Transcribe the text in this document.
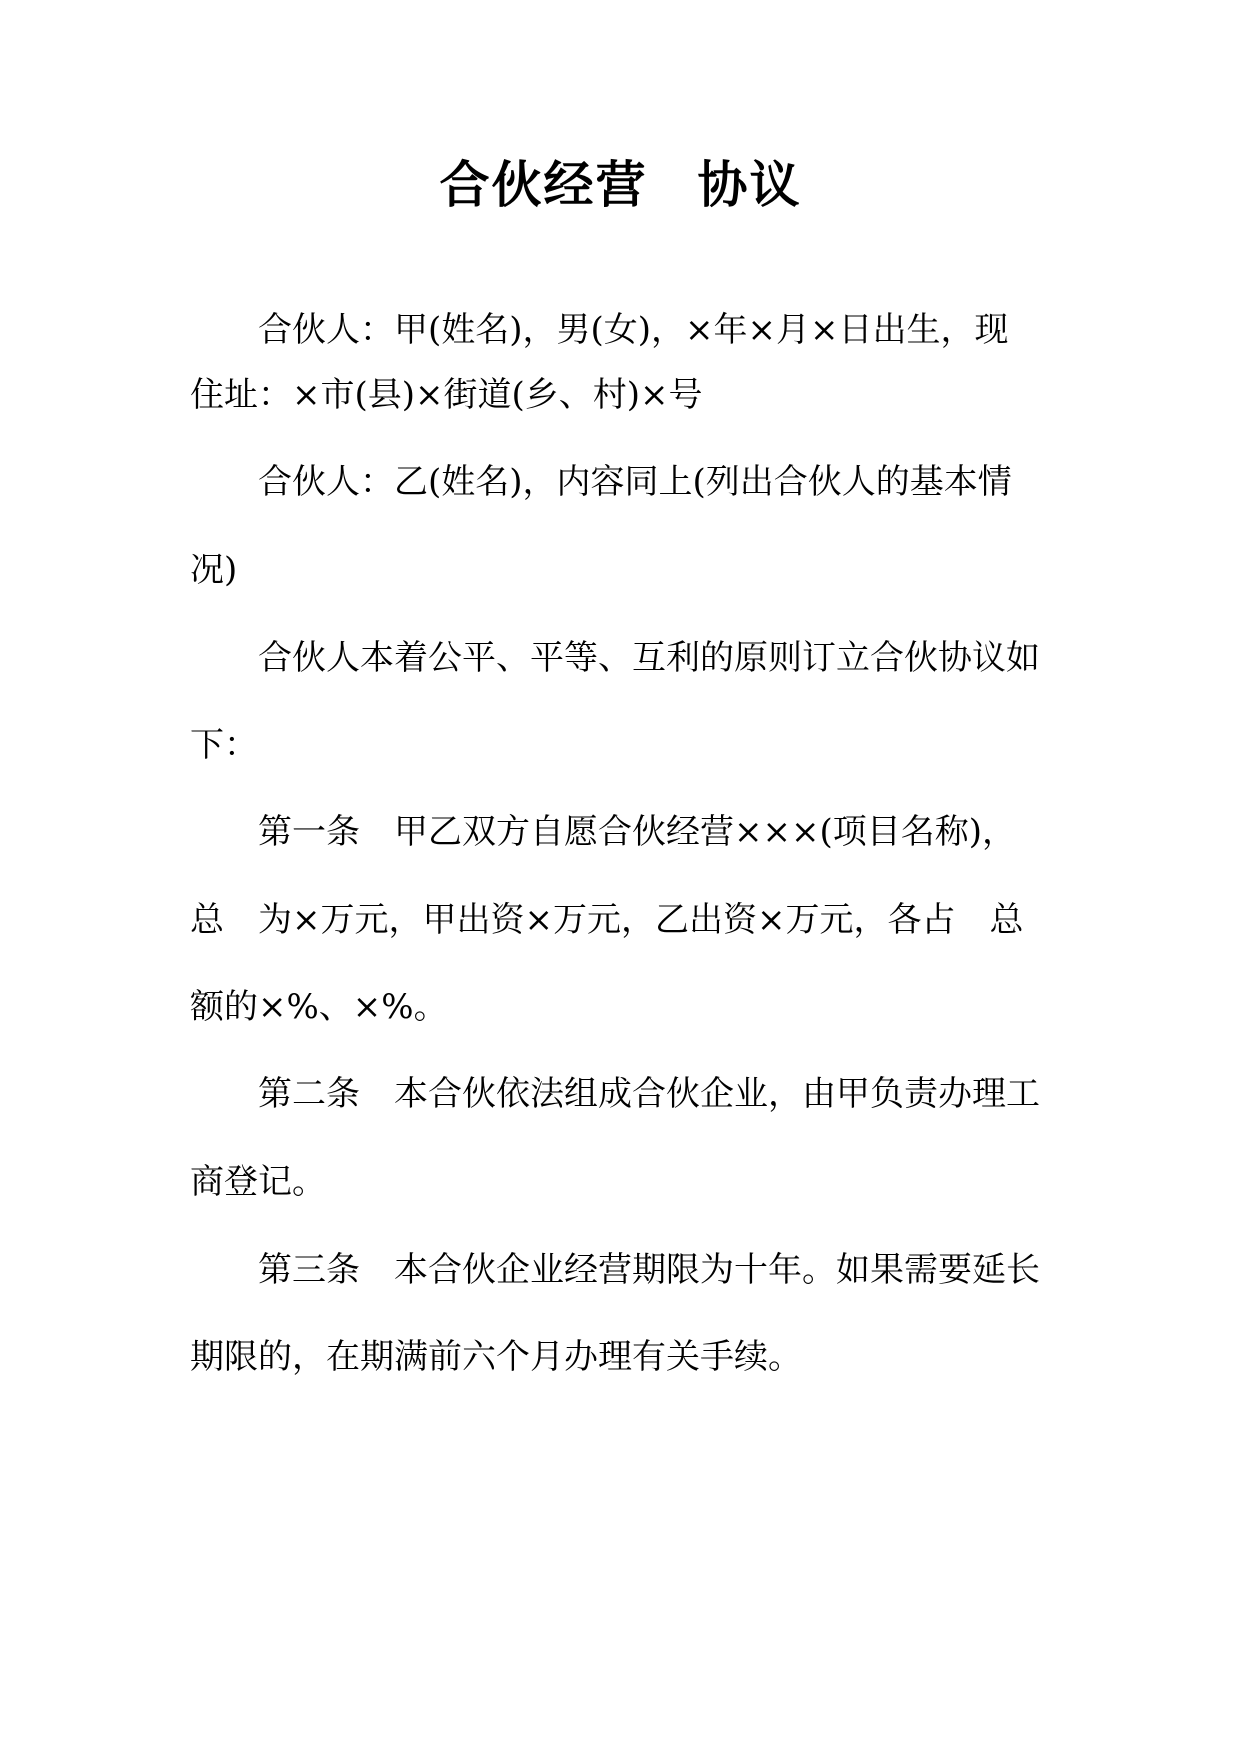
合伙经营 协议
合伙人：甲(姓名)，男(女)，×年×月×日出生，现
住址：×市(县)×街道(乡、村)×号
合伙人：乙(姓名)，内容同上(列出合伙人的基本情
况)
合伙人本着公平、平等、互利的原则订立合伙协议如
下：
第一条 甲乙双方自愿合伙经营×××(项目名称)，
总 为×万元，甲出资×万元，乙出资×万元，各占 总
额的×%、×%。
第二条 本合伙依法组成合伙企业，由甲负责办理工
商登记。
第三条 本合伙企业经营期限为十年。如果需要延长
期限的，在期满前六个月办理有关手续。
